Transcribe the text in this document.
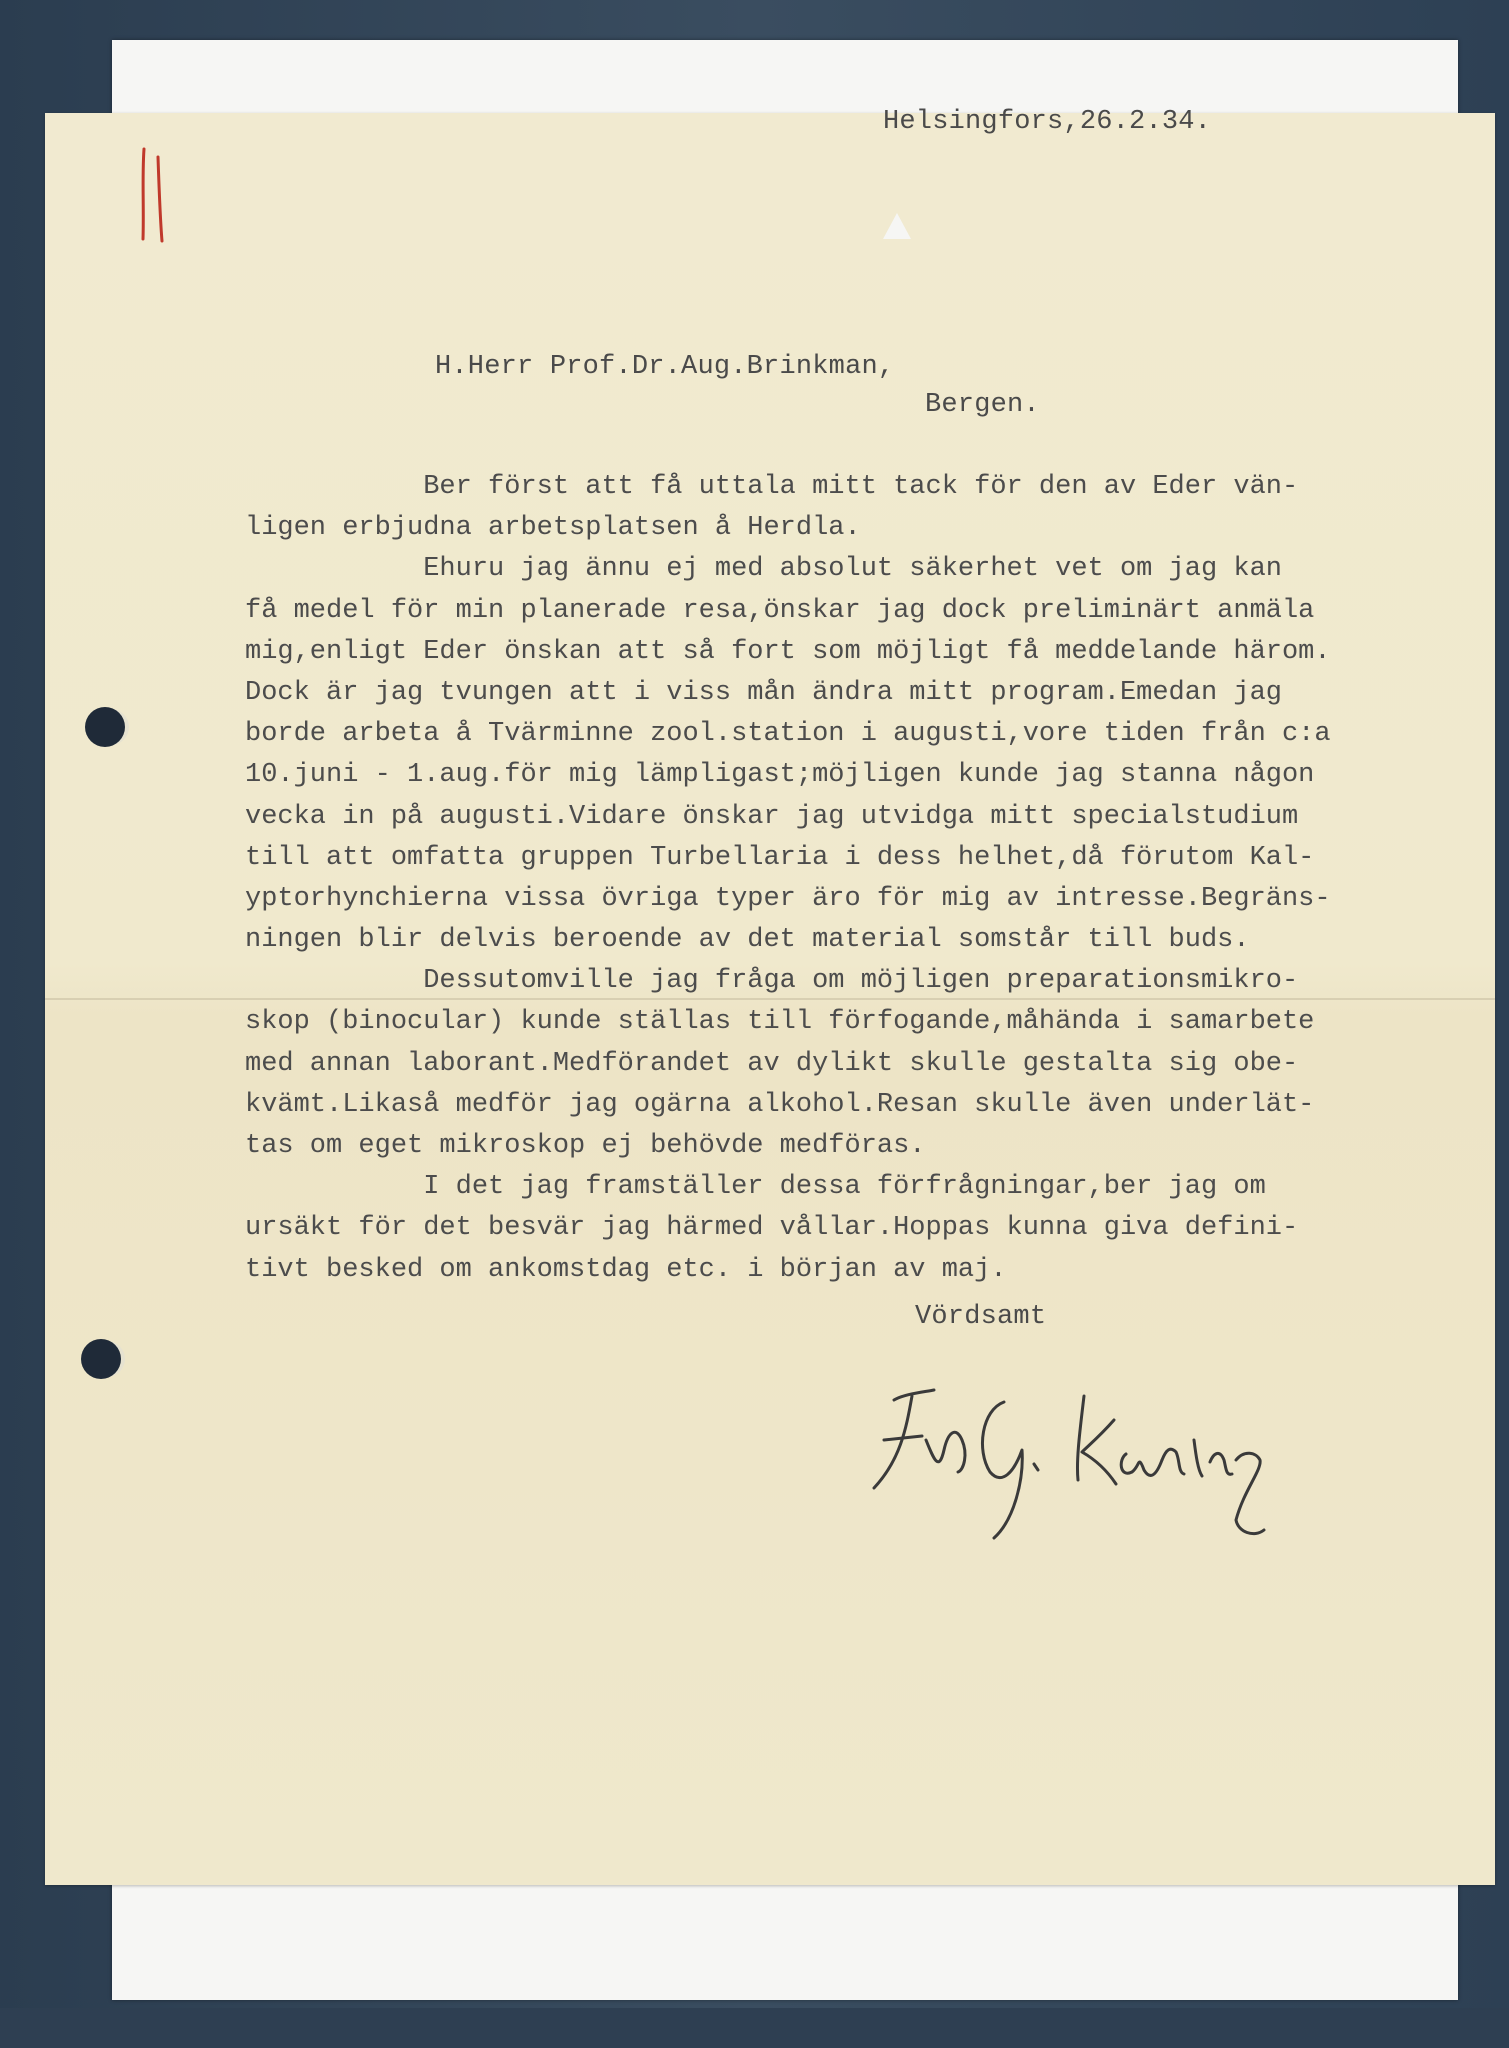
Helsingfors,26.2.34.
H.Herr Prof.Dr.Aug.Brinkman,
Bergen.
Ber först att få uttala mitt tack för den av Eder vän-
ligen erbjudna arbetsplatsen å Herdla.
Ehuru jag ännu ej med absolut säkerhet vet om jag kan
få medel för min planerade resa,önskar jag dock preliminärt anmäla
mig,enligt Eder önskan att så fort som möjligt få meddelande härom.
Dock är jag tvungen att i viss mån ändra mitt program.Emedan jag
borde arbeta å Tvärminne zool.station i augusti,vore tiden från c:a
10.juni - 1.aug.för mig lämpligast;möjligen kunde jag stanna någon
vecka in på augusti.Vidare önskar jag utvidga mitt specialstudium
till att omfatta gruppen Turbellaria i dess helhet,då förutom Kal-
yptorhynchierna vissa övriga typer äro för mig av intresse.Begräns-
ningen blir delvis beroende av det material somstår till buds.
Dessutomville jag fråga om möjligen preparationsmikro-
skop (binocular) kunde ställas till förfogande,måhända i samarbete
med annan laborant.Medförandet av dylikt skulle gestalta sig obe-
kvämt.Likaså medför jag ogärna alkohol.Resan skulle även underlät-
tas om eget mikroskop ej behövde medföras.
I det jag framställer dessa förfrågningar,ber jag om
ursäkt för det besvär jag härmed vållar.Hoppas kunna giva defini-
tivt besked om ankomstdag etc. i början av maj.
Vördsamt
